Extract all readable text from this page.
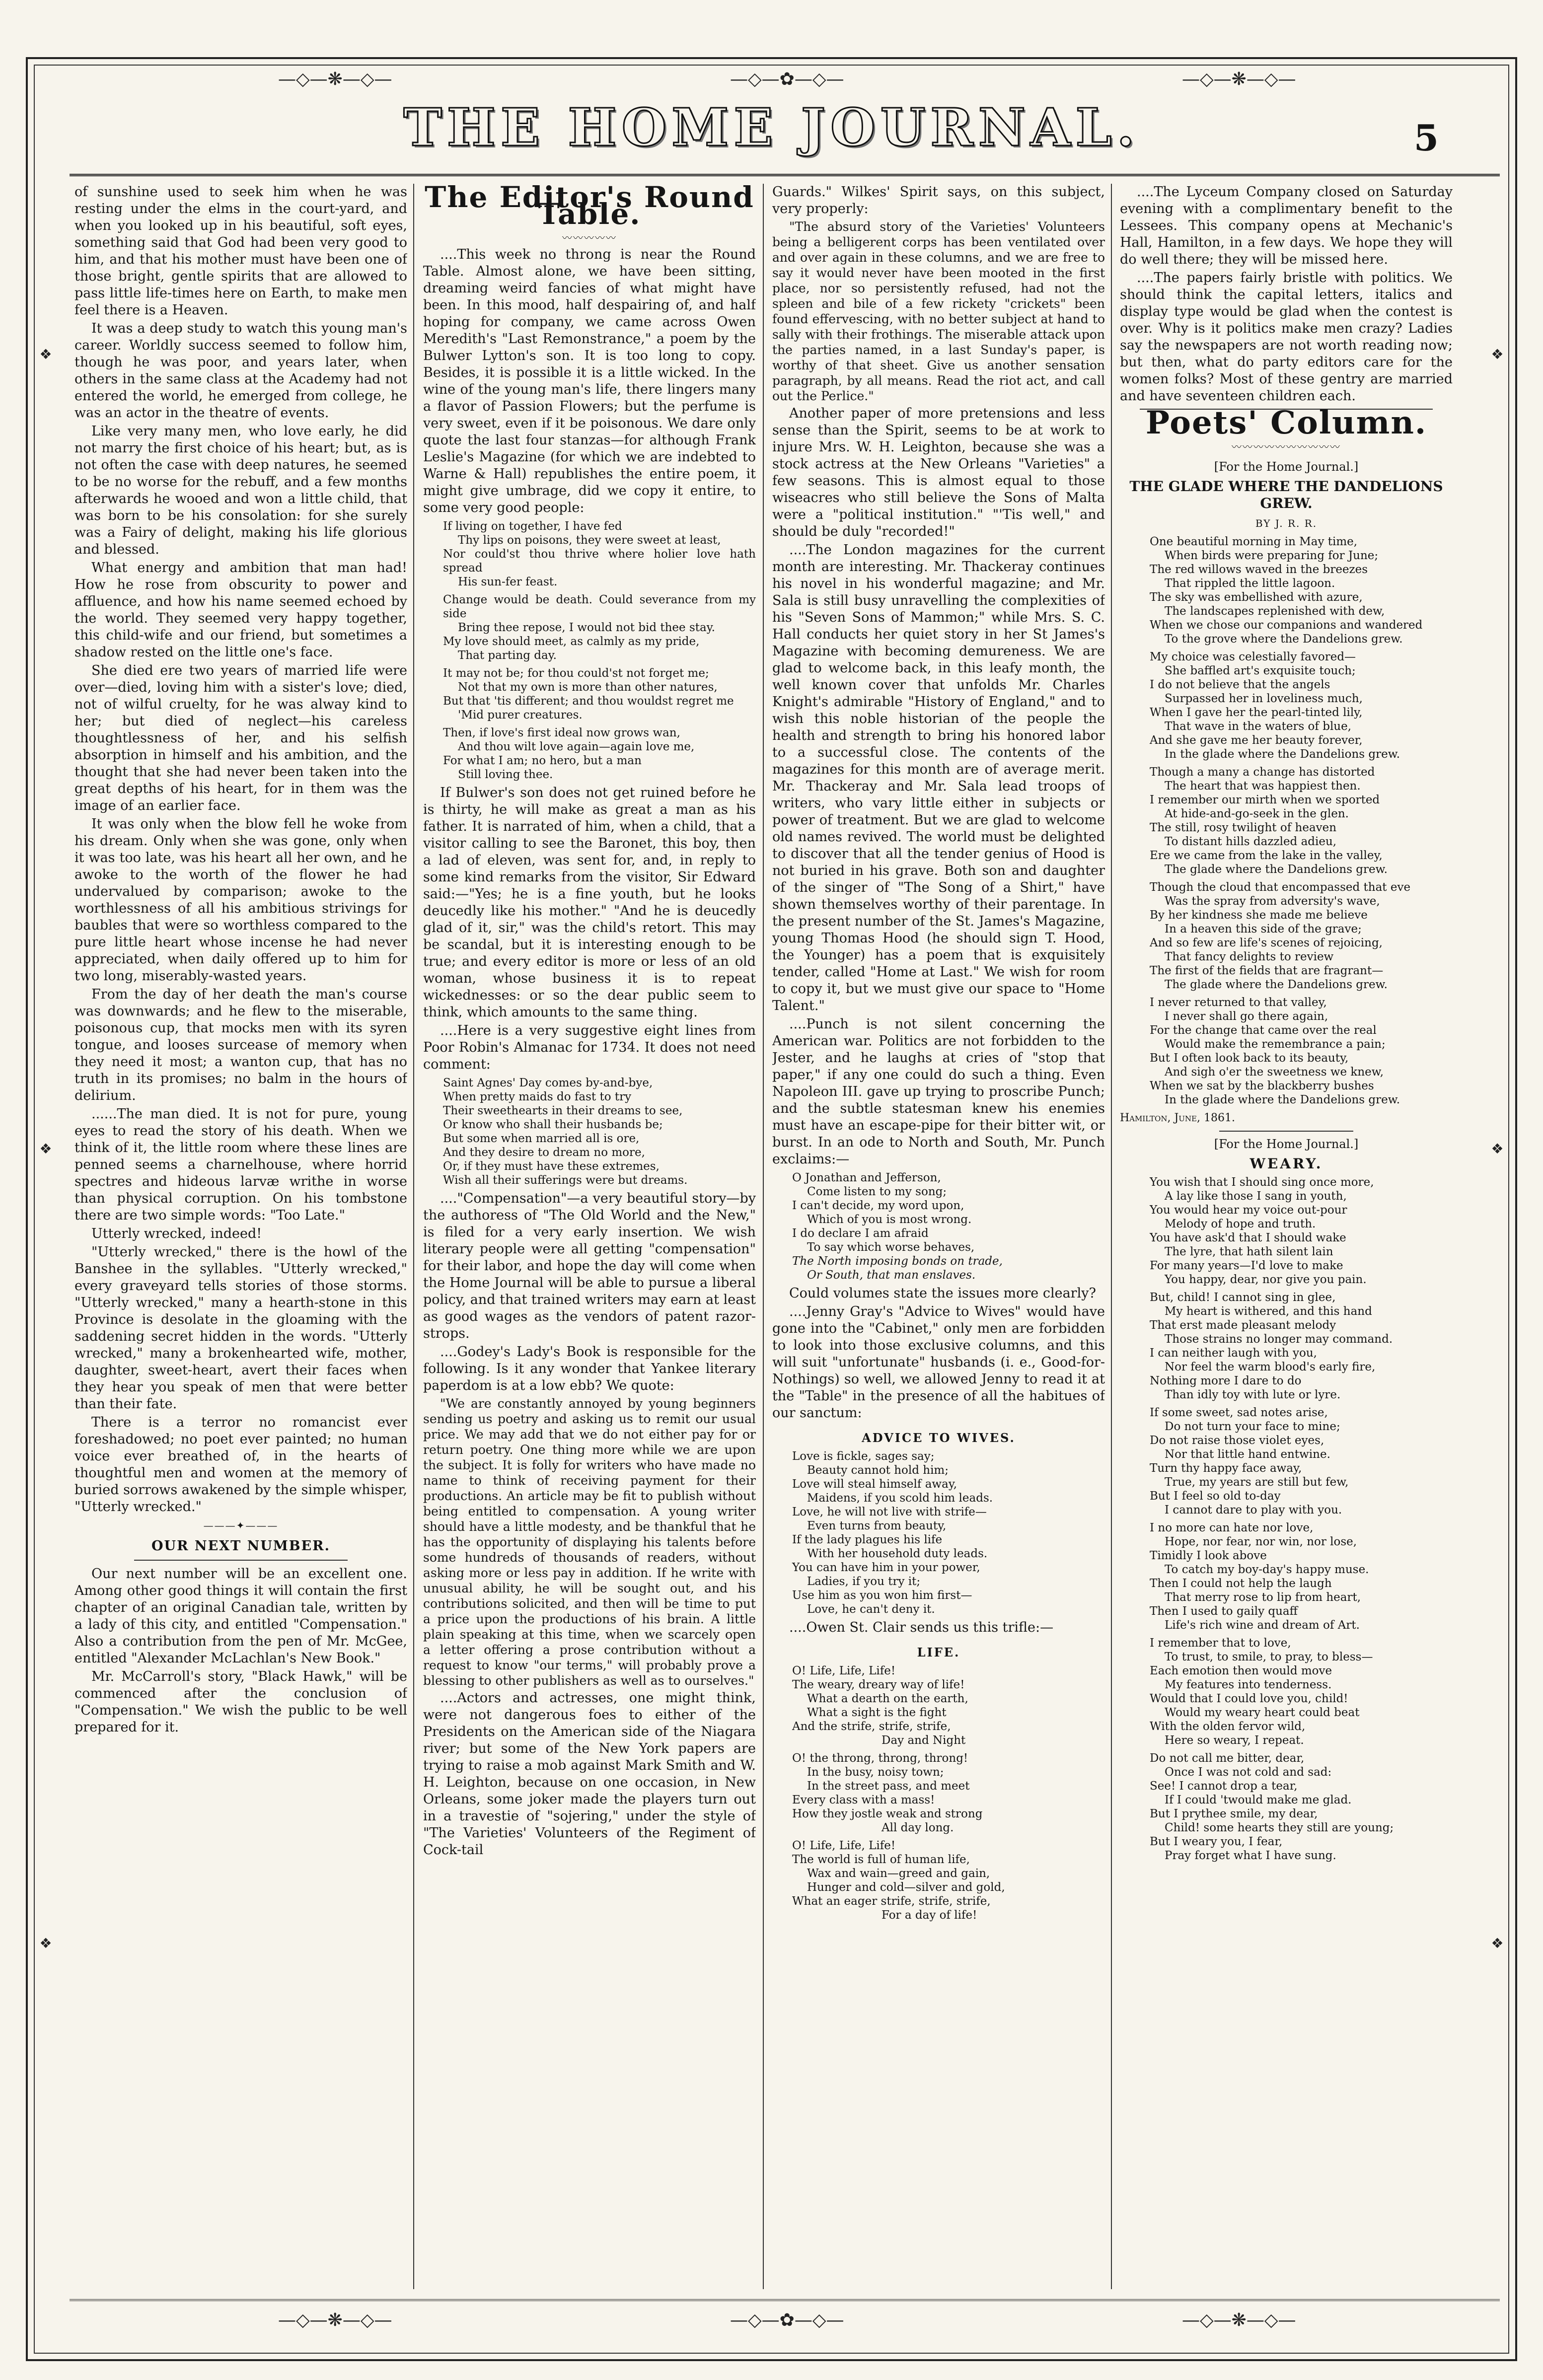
—◇—❋—◇—	—◇—✿—◇—	—◇—❋—◇—
❖
❖
❖
❖
❖
❖
THE HOME JOURNAL.	5

of sunshine used to seek him when he was resting under the elms in the court-yard, and when you looked up in his beautiful, soft eyes, something said that God had been very good to him, and that his mother must have been one of those bright, gentle spirits that are allowed to pass little life-times here on Earth, to make men feel there is a Heaven.

It was a deep study to watch this young man's career. Worldly success seemed to follow him, though he was poor, and years later, when others in the same class at the Academy had not entered the world, he emerged from college, he was an actor in the theatre of events.

Like very many men, who love early, he did not marry the first choice of his heart; but, as is not often the case with deep natures, he seemed to be no worse for the rebuff, and a few months afterwards he wooed and won a little child, that was born to be his consolation: for she surely was a Fairy of delight, making his life glorious and blessed.

What energy and ambition that man had! How he rose from obscurity to power and affluence, and how his name seemed echoed by the world. They seemed very happy together, this child-wife and our friend, but sometimes a shadow rested on the little one's face.

She died ere two years of married life were over—died, loving him with a sister's love; died, not of wilful cruelty, for he was alway kind to her; but died of neglect—his careless thoughtlessness of her, and his selfish absorption in himself and his ambition, and the thought that she had never been taken into the great depths of his heart, for in them was the image of an earlier face.

It was only when the blow fell he woke from his dream. Only when she was gone, only when it was too late, was his heart all her own, and he awoke to the worth of the flower he had undervalued by comparison; awoke to the worthlessness of all his ambitious strivings for baubles that were so worthless compared to the pure little heart whose incense he had never appreciated, when daily offered up to him for two long, miserably-wasted years.

From the day of her death the man's course was downwards; and he flew to the miserable, poisonous cup, that mocks men with its syren tongue, and looses surcease of memory when they need it most; a wanton cup, that has no truth in its promises; no balm in the hours of delirium.

......The man died. It is not for pure, young eyes to read the story of his death. When we think of it, the little room where these lines are penned seems a charnelhouse, where horrid spectres and hideous larvæ writhe in worse than physical corruption. On his tombstone there are two simple words: "Too Late."

Utterly wrecked, indeed!

"Utterly wrecked," there is the howl of the Banshee in the syllables. "Utterly wrecked," every graveyard tells stories of those storms. "Utterly wrecked," many a hearth-stone in this Province is desolate in the gloaming with the saddening secret hidden in the words. "Utterly wrecked," many a brokenhearted wife, mother, daughter, sweet-heart, avert their faces when they hear you speak of men that were better than their fate.

There is a terror no romancist ever foreshadowed; no poet ever painted; no human voice ever breathed of, in the hearts of thoughtful men and women at the memory of buried sorrows awakened by the simple whisper, "Utterly wrecked."

———✦———
OUR NEXT NUMBER.

Our next number will be an excellent one. Among other good things it will contain the first chapter of an original Canadian tale, written by a lady of this city, and entitled "Compensation." Also a contribution from the pen of Mr. McGee, entitled "Alexander McLachlan's New Book."

Mr. McCarroll's story, "Black Hawk," will be commenced after the conclusion of "Compensation." We wish the public to be well prepared for it.

The Editor's Round Table.
〰〰〰〰〰

....This week no throng is near the Round Table. Almost alone, we have been sitting, dreaming weird fancies of what might have been. In this mood, half despairing of, and half hoping for company, we came across Owen Meredith's "Last Remonstrance," a poem by the Bulwer Lytton's son. It is too long to copy. Besides, it is possible it is a little wicked. In the wine of the young man's life, there lingers many a flavor of Passion Flowers; but the perfume is very sweet, even if it be poisonous. We dare only quote the last four stanzas—for although Frank Leslie's Magazine (for which we are indebted to Warne & Hall) republishes the entire poem, it might give umbrage, did we copy it entire, to some very good people:

If living on together, I have fed

Thy lips on poisons, they were sweet at least,

Nor could'st thou thrive where holier love hath spread

His sun-fer feast.

Change would be death. Could severance from my side

Bring thee repose, I would not bid thee stay.

My love should meet, as calmly as my pride,

That parting day.

It may not be; for thou could'st not forget me;

Not that my own is more than other natures,

But that 'tis different; and thou wouldst regret me

'Mid purer creatures.

Then, if love's first ideal now grows wan,

And thou wilt love again—again love me,

For what I am; no hero, but a man

Still loving thee.

If Bulwer's son does not get ruined before he is thirty, he will make as great a man as his father. It is narrated of him, when a child, that a visitor calling to see the Baronet, this boy, then a lad of eleven, was sent for, and, in reply to some kind remarks from the visitor, Sir Edward said:—"Yes; he is a fine youth, but he looks deucedly like his mother." "And he is deucedly glad of it, sir," was the child's retort. This may be scandal, but it is interesting enough to be true; and every editor is more or less of an old woman, whose business it is to repeat wickednesses: or so the dear public seem to think, which amounts to the same thing.

....Here is a very suggestive eight lines from Poor Robin's Almanac for 1734. It does not need comment:

Saint Agnes' Day comes by-and-bye,

When pretty maids do fast to try

Their sweethearts in their dreams to see,

Or know who shall their husbands be;

But some when married all is ore,

And they desire to dream no more,

Or, if they must have these extremes,

Wish all their sufferings were but dreams.

...."Compensation"—a very beautiful story—by the authoress of "The Old World and the New," is filed for a very early insertion. We wish literary people were all getting "compensation" for their labor, and hope the day will come when the Home Journal will be able to pursue a liberal policy, and that trained writers may earn at least as good wages as the vendors of patent razor-strops.

....Godey's Lady's Book is responsible for the following. Is it any wonder that Yankee literary paperdom is at a low ebb? We quote:

"We are constantly annoyed by young beginners sending us poetry and asking us to remit our usual price. We may add that we do not either pay for or return poetry. One thing more while we are upon the subject. It is folly for writers who have made no name to think of receiving payment for their productions. An article may be fit to publish without being entitled to compensation. A young writer should have a little modesty, and be thankful that he has the opportunity of displaying his talents before some hundreds of thousands of readers, without asking more or less pay in addition. If he write with unusual ability, he will be sought out, and his contributions solicited, and then will be time to put a price upon the productions of his brain. A little plain speaking at this time, when we scarcely open a letter offering a prose contribution without a request to know "our terms," will probably prove a blessing to other publishers as well as to ourselves."

....Actors and actresses, one might think, were not dangerous foes to either of the Presidents on the American side of the Niagara river; but some of the New York papers are trying to raise a mob against Mark Smith and W. H. Leighton, because on one occasion, in New Orleans, some joker made the players turn out in a travestie of "sojering," under the style of "The Varieties' Volunteers of the Regiment of Cock-tail

Guards." Wilkes' Spirit says, on this subject, very properly:

"The absurd story of the Varieties' Volunteers being a belligerent corps has been ventilated over and over again in these columns, and we are free to say it would never have been mooted in the first place, nor so persistently refused, had not the spleen and bile of a few rickety "crickets" been found effervescing, with no better subject at hand to sally with their frothings. The miserable attack upon the parties named, in a last Sunday's paper, is worthy of that sheet. Give us another sensation paragraph, by all means. Read the riot act, and call out the Perlice."

Another paper of more pretensions and less sense than the Spirit, seems to be at work to injure Mrs. W. H. Leighton, because she was a stock actress at the New Orleans "Varieties" a few seasons. This is almost equal to those wiseacres who still believe the Sons of Malta were a "political institution." "'Tis well," and should be duly "recorded!"

....The London magazines for the current month are interesting. Mr. Thackeray continues his novel in his wonderful magazine; and Mr. Sala is still busy unravelling the complexities of his "Seven Sons of Mammon;" while Mrs. S. C. Hall conducts her quiet story in her St James's Magazine with becoming demureness. We are glad to welcome back, in this leafy month, the well known cover that unfolds Mr. Charles Knight's admirable "History of England," and to wish this noble historian of the people the health and strength to bring his honored labor to a successful close. The contents of the magazines for this month are of average merit. Mr. Thackeray and Mr. Sala lead troops of writers, who vary little either in subjects or power of treatment. But we are glad to welcome old names revived. The world must be delighted to discover that all the tender genius of Hood is not buried in his grave. Both son and daughter of the singer of "The Song of a Shirt," have shown themselves worthy of their parentage. In the present number of the St. James's Magazine, young Thomas Hood (he should sign T. Hood, the Younger) has a poem that is exquisitely tender, called "Home at Last." We wish for room to copy it, but we must give our space to "Home Talent."

....Punch is not silent concerning the American war. Politics are not forbidden to the Jester, and he laughs at cries of "stop that paper," if any one could do such a thing. Even Napoleon III. gave up trying to proscribe Punch; and the subtle statesman knew his enemies must have an escape-pipe for their bitter wit, or burst. In an ode to North and South, Mr. Punch exclaims:—

O Jonathan and Jefferson,

Come listen to my song;

I can't decide, my word upon,

Which of you is most wrong.

I do declare I am afraid

To say which worse behaves,

The North imposing bonds on trade,

Or South, that man enslaves.

Could volumes state the issues more clearly?

....Jenny Gray's "Advice to Wives" would have gone into the "Cabinet," only men are forbidden to look into those exclusive columns, and this will suit "unfortunate" husbands (i. e., Good-for-Nothings) so well, we allowed Jenny to read it at the "Table" in the presence of all the habitues of our sanctum:

ADVICE TO WIVES.

Love is fickle, sages say;

Beauty cannot hold him;

Love will steal himself away,

Maidens, if you scold him leads.

Love, he will not live with strife—

Even turns from beauty,

If the lady plagues his life

With her household duty leads.

You can have him in your power,

Ladies, if you try it;

Use him as you won him first—

Love, he can't deny it.

....Owen St. Clair sends us this trifle:—

LIFE.

O! Life, Life, Life!

The weary, dreary way of life!

What a dearth on the earth,

What a sight is the fight

And the strife, strife, strife,

Day and Night

O! the throng, throng, throng!

In the busy, noisy town;

In the street pass, and meet

Every class with a mass!

How they jostle weak and strong

All day long.

O! Life, Life, Life!

The world is full of human life,

Wax and wain—greed and gain,

Hunger and cold—silver and gold,

What an eager strife, strife, strife,

For a day of life!

....The Lyceum Company closed on Saturday evening with a complimentary benefit to the Lessees. This company opens at Mechanic's Hall, Hamilton, in a few days. We hope they will do well there; they will be missed here.

....The papers fairly bristle with politics. We should think the capital letters, italics and display type would be glad when the contest is over. Why is it politics make men crazy? Ladies say the newspapers are not worth reading now; but then, what do party editors care for the women folks? Most of these gentry are married and have seventeen children each.

Poets' Column.
〰〰〰〰〰〰〰〰〰〰
[For the Home Journal.]
THE GLADE WHERE THE DANDELIONS GREW.
BY J. R. R.

One beautiful morning in May time,

When birds were preparing for June;

The red willows waved in the breezes

That rippled the little lagoon.

The sky was embellished with azure,

The landscapes replenished with dew,

When we chose our companions and wandered

To the grove where the Dandelions grew.

My choice was celestially favored—

She baffled art's exquisite touch;

I do not believe that the angels

Surpassed her in loveliness much,

When I gave her the pearl-tinted lily,

That wave in the waters of blue,

And she gave me her beauty forever,

In the glade where the Dandelions grew.

Though a many a change has distorted

The heart that was happiest then.

I remember our mirth when we sported

At hide-and-go-seek in the glen.

The still, rosy twilight of heaven

To distant hills dazzled adieu,

Ere we came from the lake in the valley,

The glade where the Dandelions grew.

Though the cloud that encompassed that eve

Was the spray from adversity's wave,

By her kindness she made me believe

In a heaven this side of the grave;

And so few are life's scenes of rejoicing,

That fancy delights to review

The first of the fields that are fragrant—

The glade where the Dandelions grew.

I never returned to that valley,

I never shall go there again,

For the change that came over the real

Would make the remembrance a pain;

But I often look back to its beauty,

And sigh o'er the sweetness we knew,

When we sat by the blackberry bushes

In the glade where the Dandelions grew.

Hamilton, June, 1861.
[For the Home Journal.]
WEARY.

You wish that I should sing once more,

A lay like those I sang in youth,

You would hear my voice out-pour

Melody of hope and truth.

You have ask'd that I should wake

The lyre, that hath silent lain

For many years—I'd love to make

You happy, dear, nor give you pain.

But, child! I cannot sing in glee,

My heart is withered, and this hand

That erst made pleasant melody

Those strains no longer may command.

I can neither laugh with you,

Nor feel the warm blood's early fire,

Nothing more I dare to do

Than idly toy with lute or lyre.

If some sweet, sad notes arise,

Do not turn your face to mine;

Do not raise those violet eyes,

Nor that little hand entwine.

Turn thy happy face away,

True, my years are still but few,

But I feel so old to-day

I cannot dare to play with you.

I no more can hate nor love,

Hope, nor fear, nor win, nor lose,

Timidly I look above

To catch my boy-day's happy muse.

Then I could not help the laugh

That merry rose to lip from heart,

Then I used to gaily quaff

Life's rich wine and dream of Art.

I remember that to love,

To trust, to smile, to pray, to bless—

Each emotion then would move

My features into tenderness.

Would that I could love you, child!

Would my weary heart could beat

With the olden fervor wild,

Here so weary, I repeat.

Do not call me bitter, dear,

Once I was not cold and sad:

See! I cannot drop a tear,

If I could 'twould make me glad.

But I prythee smile, my dear,

Child! some hearts they still are young;

But I weary you, I fear,

Pray forget what I have sung.

—◇—❋—◇—	—◇—✿—◇—	—◇—❋—◇—
